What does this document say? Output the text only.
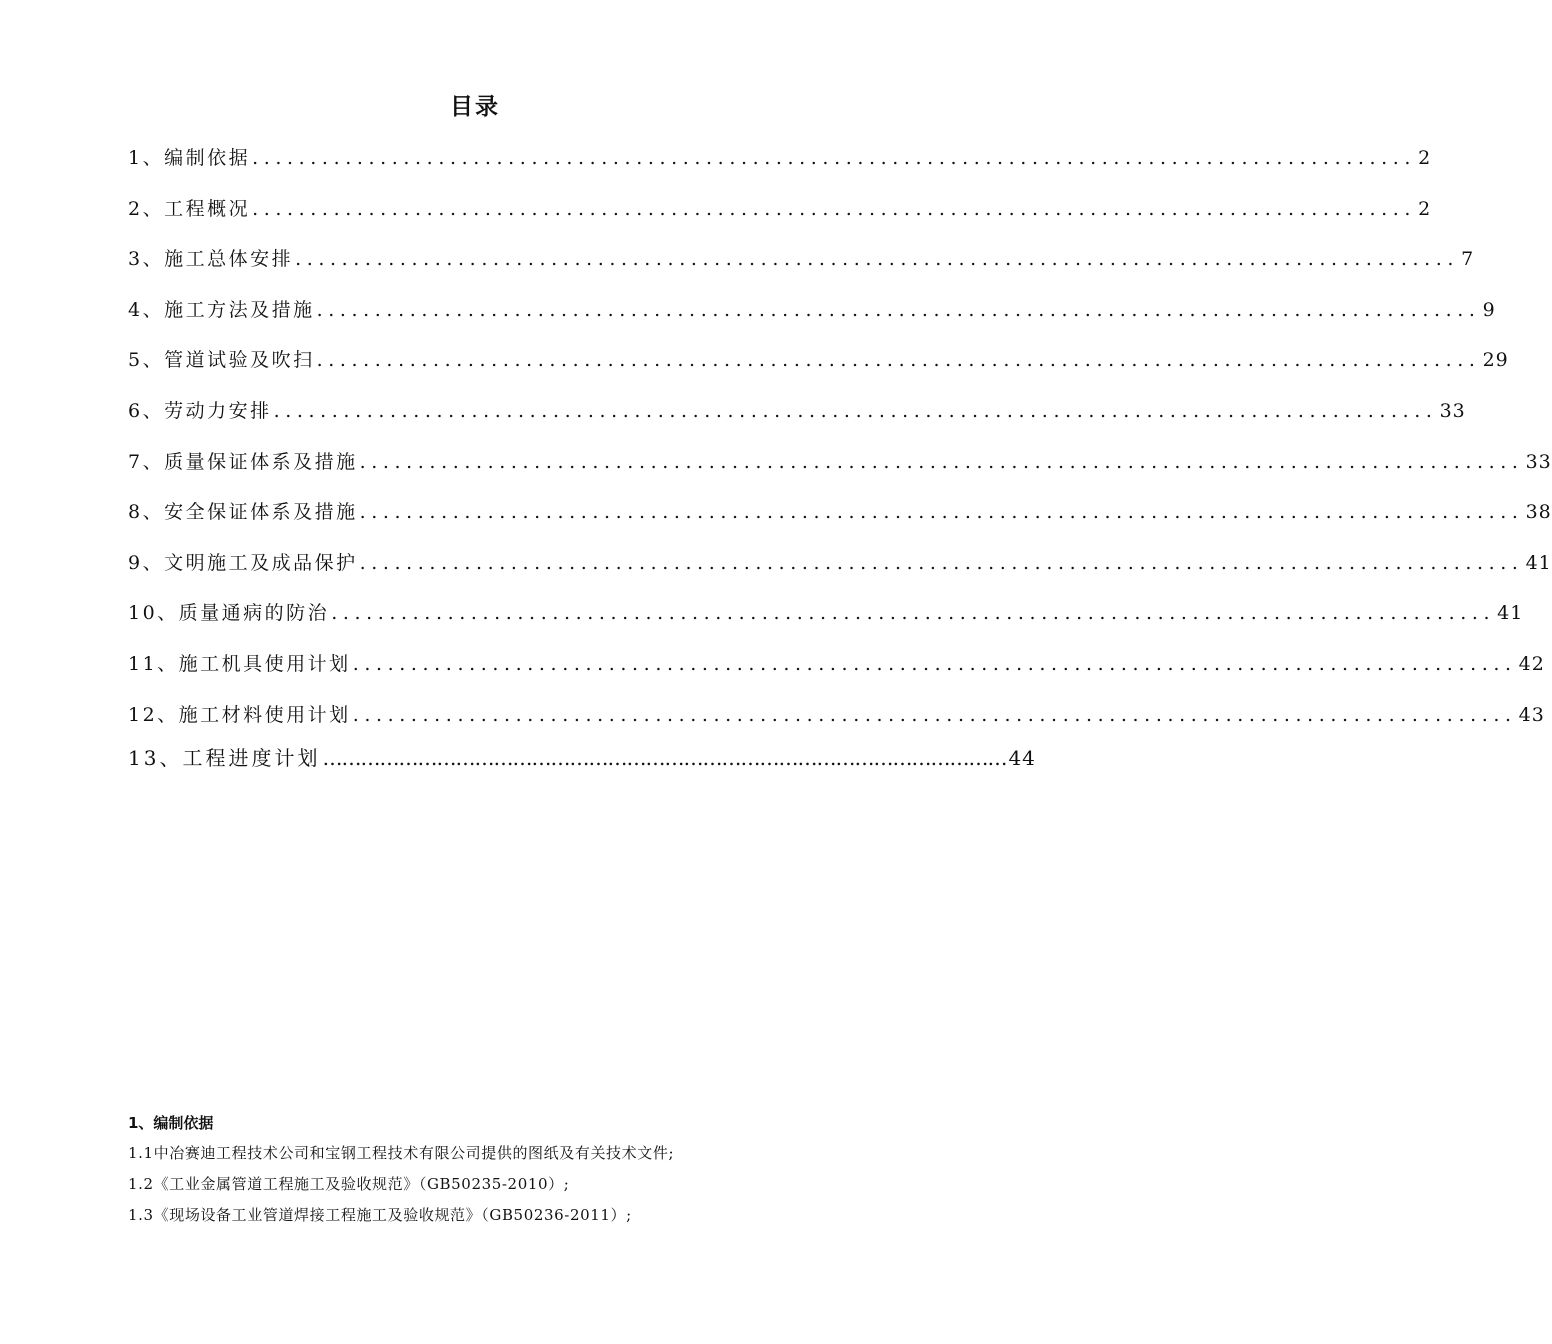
目录
1、编制依据 .................................................................................................... 2
2、工程概况 .................................................................................................... 2
3、施工总体安排 .................................................................................................... 7
4、施工方法及措施 .................................................................................................... 9
5、管道试验及吹扫 .................................................................................................... 29
6、劳动力安排 .................................................................................................... 33
7、质量保证体系及措施 .................................................................................................... 33
8、安全保证体系及措施 .................................................................................................... 38
9、文明施工及成品保护 .................................................................................................... 41
10、质量通病的防治 .................................................................................................... 41
11、施工机具使用计划 .................................................................................................... 42
12、施工材料使用计划 .................................................................................................... 43
13、工程进度计划 ……………………………………………………………………………………………… 44
1、编制依据
1.1中冶赛迪工程技术公司和宝钢工程技术有限公司提供的图纸及有关技术文件;
1.2《工业金属管道工程施工及验收规范》（GB50235-2010）;
1.3《现场设备工业管道焊接工程施工及验收规范》（GB50236-2011）;
